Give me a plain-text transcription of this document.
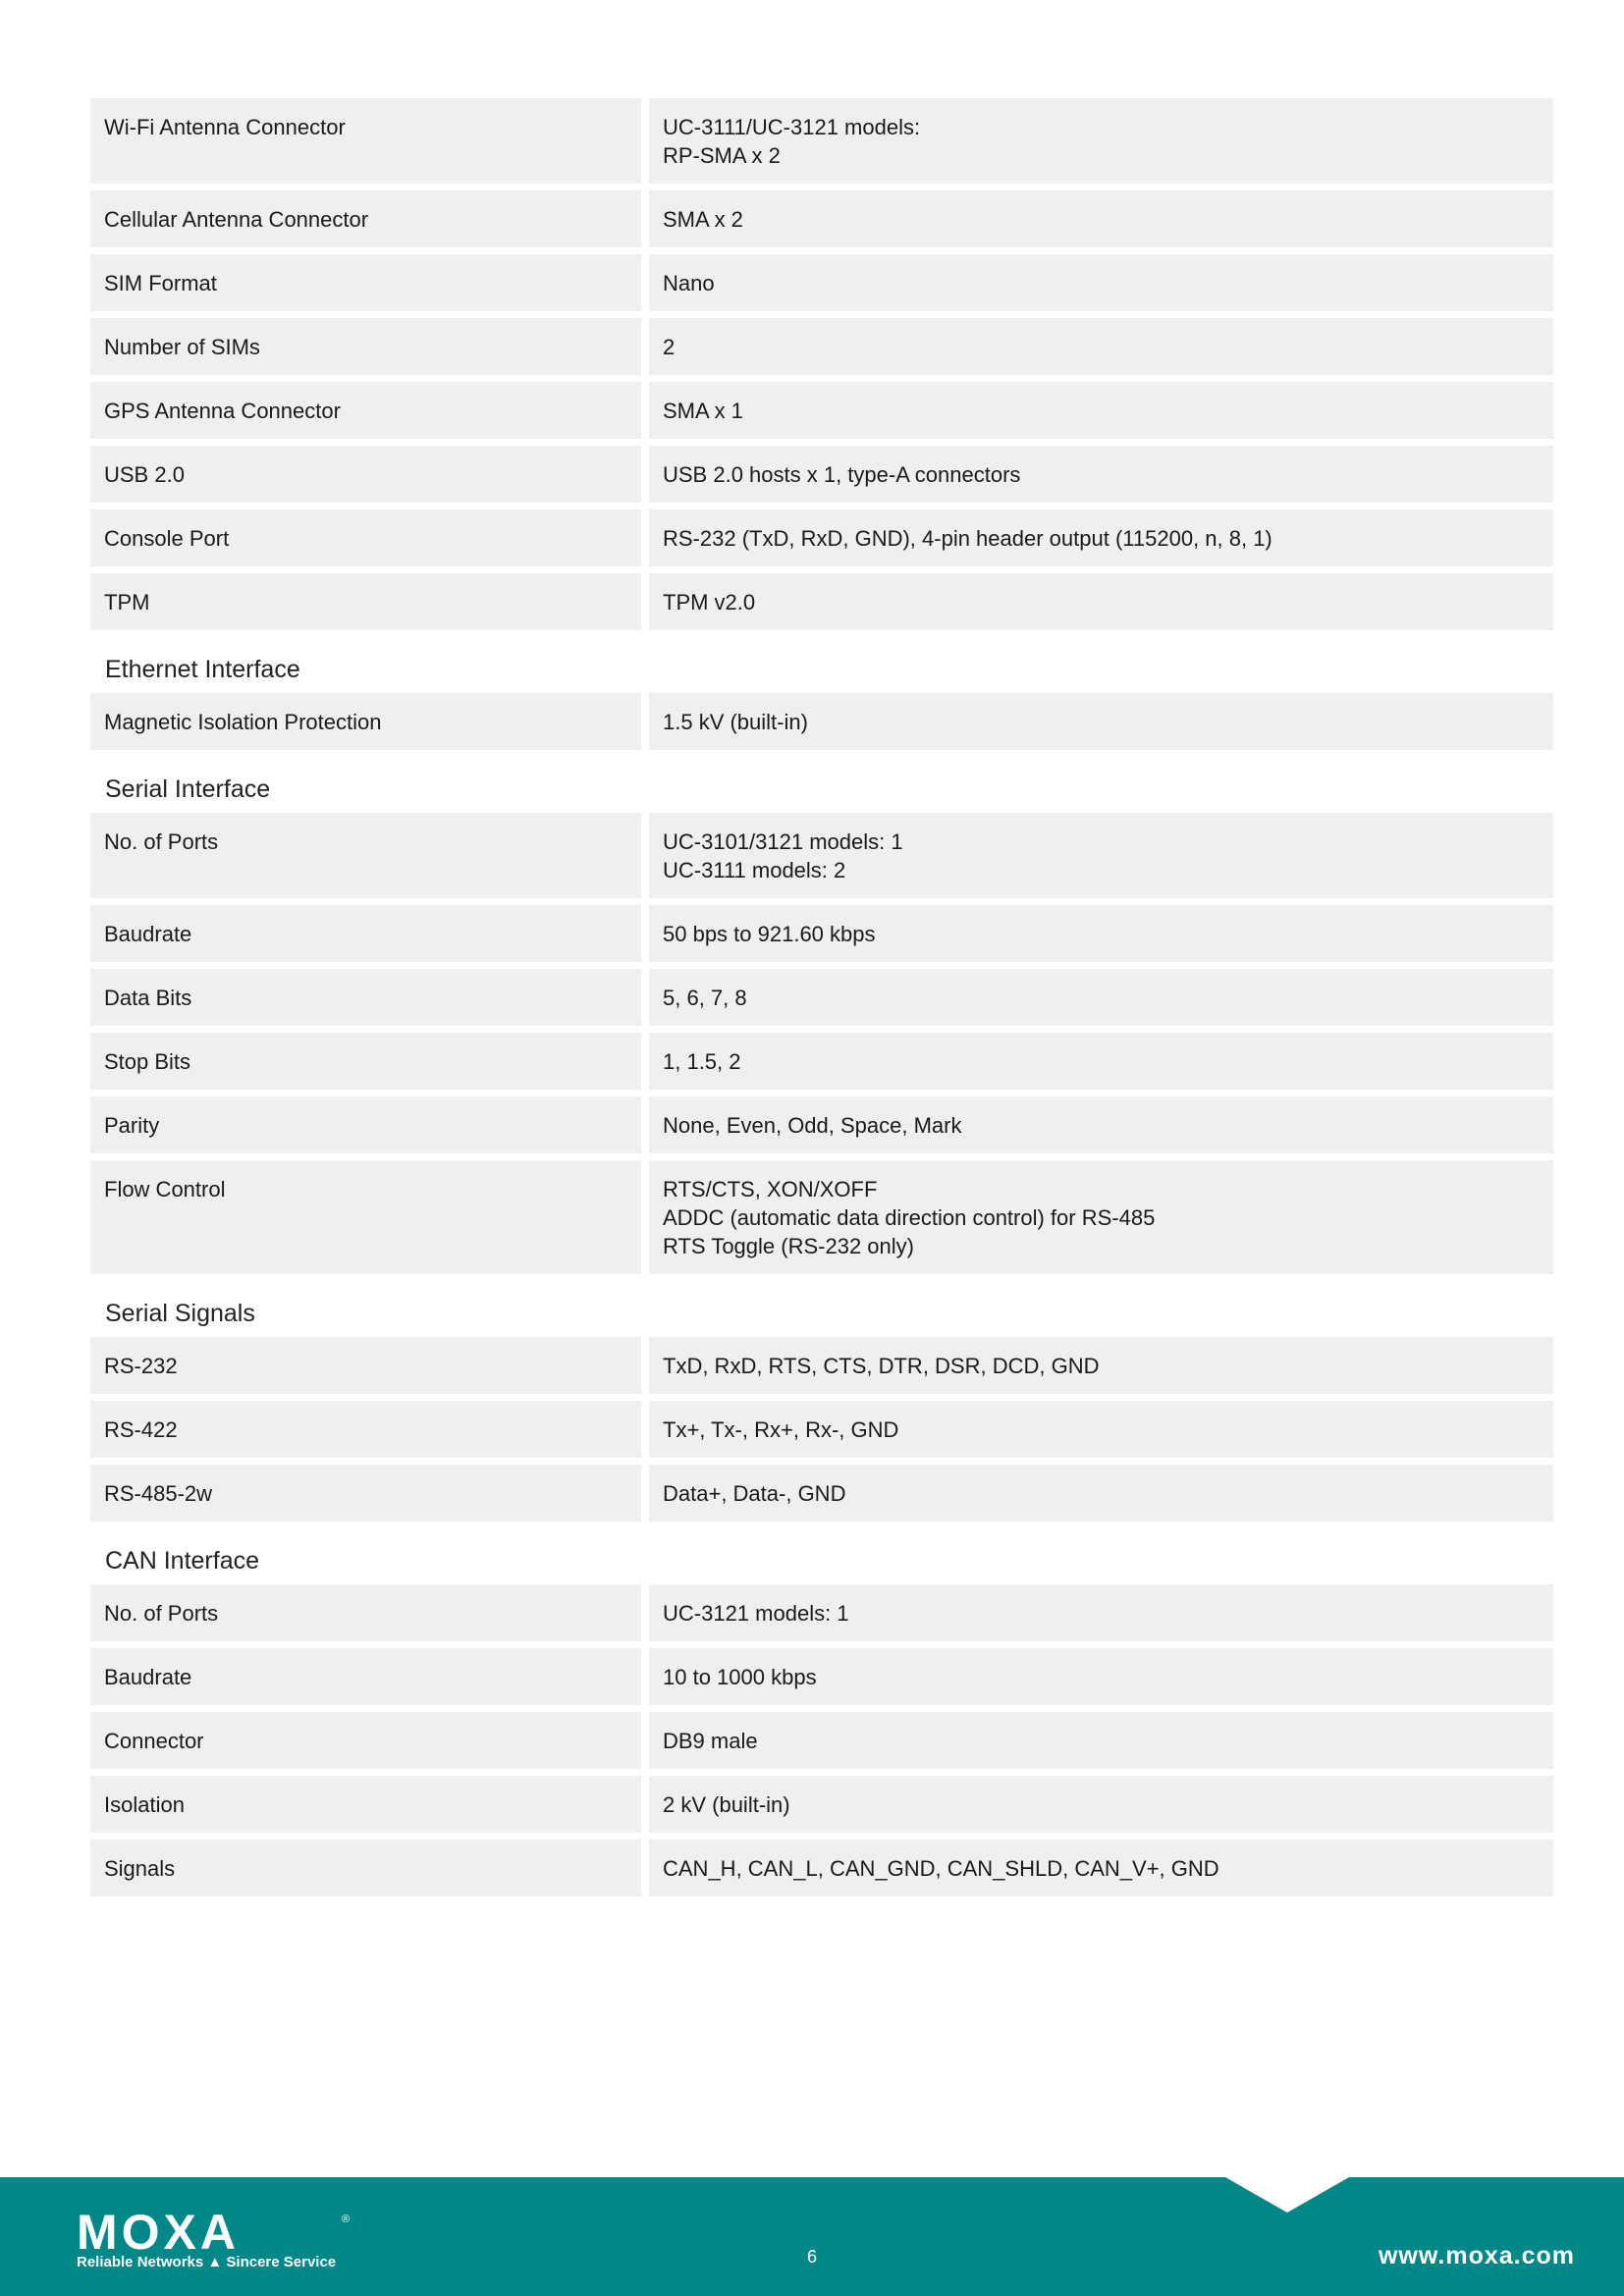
Wi-Fi Antenna Connector	UC-3111/UC-3121 models:
RP-SMA x 2
Cellular Antenna Connector	SMA x 2
SIM Format	Nano
Number of SIMs	2
GPS Antenna Connector	SMA x 1
USB 2.0	USB 2.0 hosts x 1, type-A connectors
Console Port	RS-232 (TxD, RxD, GND), 4-pin header output (115200, n, 8, 1)
TPM	TPM v2.0
Ethernet Interface
Magnetic Isolation Protection	1.5 kV (built-in)
Serial Interface
No. of Ports	UC-3101/3121 models: 1
UC-3111 models: 2
Baudrate	50 bps to 921.60 kbps
Data Bits	5, 6, 7, 8
Stop Bits	1, 1.5, 2
Parity	None, Even, Odd, Space, Mark
Flow Control	RTS/CTS, XON/XOFF
ADDC (automatic data direction control) for RS-485
RTS Toggle (RS-232 only)
Serial Signals
RS-232	TxD, RxD, RTS, CTS, DTR, DSR, DCD, GND
RS-422	Tx+, Tx-, Rx+, Rx-, GND
RS-485-2w	Data+, Data-, GND
CAN Interface
No. of Ports	UC-3121 models: 1
Baudrate	10 to 1000 kbps
Connector	DB9 male
Isolation	2 kV (built-in)
Signals	CAN_H, CAN_L, CAN_GND, CAN_SHLD, CAN_V+, GND
MOXA	®
Reliable Networks ▲ Sincere Service	6	www.moxa.com
